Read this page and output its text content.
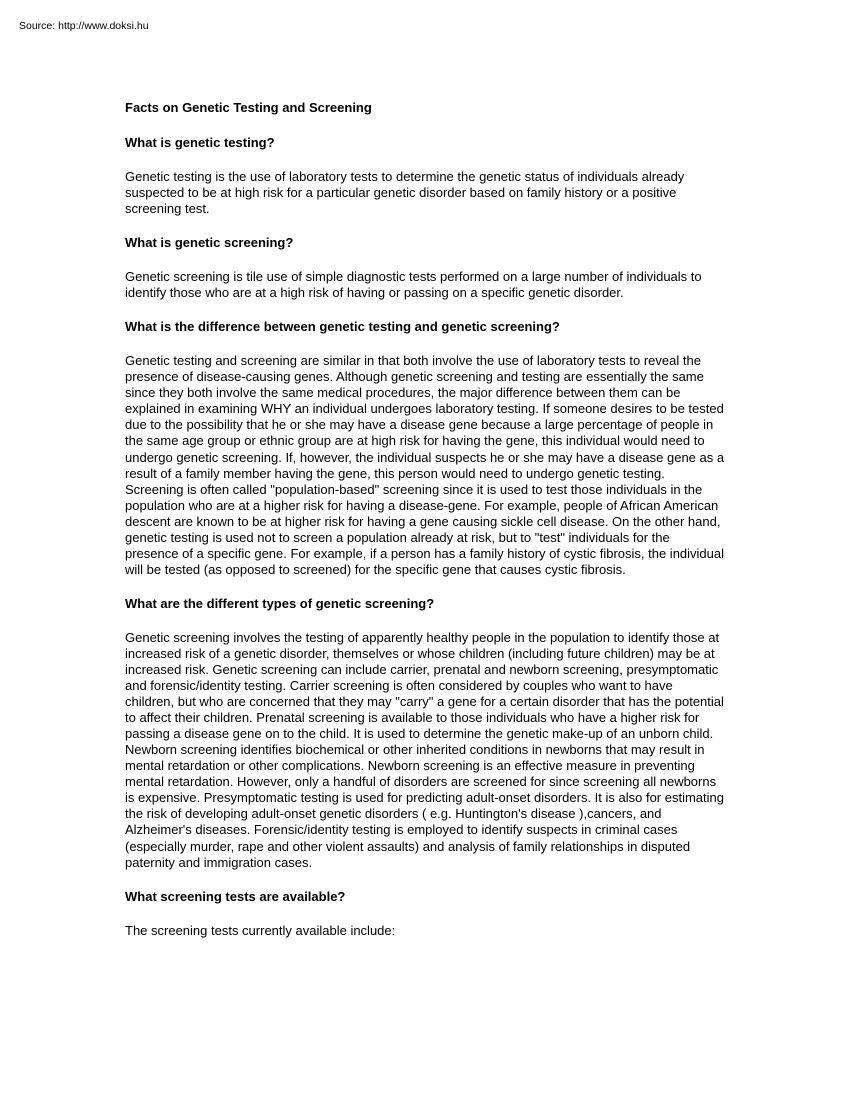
Source: http://www.doksi.hu
Facts on Genetic Testing and Screening
What is genetic testing?
Genetic testing is the use of laboratory tests to determine the genetic status of individuals already suspected to be at high risk for a particular genetic disorder based on family history or a positive screening test.
What is genetic screening?
Genetic screening is tile use of simple diagnostic tests performed on a large number of individuals to identify those who are at a high risk of having or passing on a specific genetic disorder.
What is the difference between genetic testing and genetic screening?
Genetic testing and screening are similar in that both involve the use of laboratory tests to reveal the presence of disease-causing genes. Although genetic screening and testing are essentially the same since they both involve the same medical procedures, the major difference between them can be explained in examining WHY an individual undergoes laboratory testing. If someone desires to be tested due to the possibility that he or she may have a disease gene because a large percentage of people in the same age group or ethnic group are at high risk for having the gene, this individual would need to undergo genetic screening. If, however, the individual suspects he or she may have a disease gene as a result of a family member having the gene, this person would need to undergo genetic testing. Screening is often called "population-based" screening since it is used to test those individuals in the population who are at a higher risk for having a disease-gene. For example, people of African American descent are known to be at higher risk for having a gene causing sickle cell disease. On the other hand, genetic testing is used not to screen a population already at risk, but to "test" individuals for the presence of a specific gene. For example, if a person has a family history of cystic fibrosis, the individual will be tested (as opposed to screened) for the specific gene that causes cystic fibrosis.
What are the different types of genetic screening?
Genetic screening involves the testing of apparently healthy people in the population to identify those at increased risk of a genetic disorder, themselves or whose children (including future children) may be at increased risk. Genetic screening can include carrier, prenatal and newborn screening, presymptomatic and forensic/identity testing. Carrier screening is often considered by couples who want to have children, but who are concerned that they may "carry" a gene for a certain disorder that has the potential to affect their children. Prenatal screening is available to those individuals who have a higher risk for passing a disease gene on to the child. It is used to determine the genetic make-up of an unborn child. Newborn screening identifies biochemical or other inherited conditions in newborns that may result in mental retardation or other complications. Newborn screening is an effective measure in preventing mental retardation. However, only a handful of disorders are screened for since screening all newborns is expensive. Presymptomatic testing is used for predicting adult-onset disorders. It is also for estimating the risk of developing adult-onset genetic disorders ( e.g. Huntington's disease ),cancers, and Alzheimer's diseases. Forensic/identity testing is employed to identify suspects in criminal cases (especially murder, rape and other violent assaults) and analysis of family relationships in disputed paternity and immigration cases.
What screening tests are available?
The screening tests currently available include:
